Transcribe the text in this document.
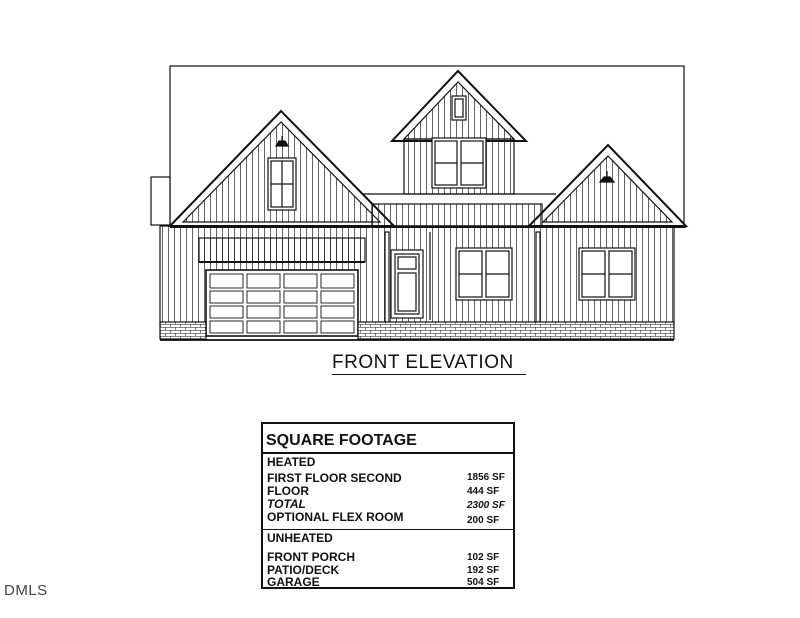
FRONT ELEVATION
SQUARE FOOTAGE
HEATED
FIRST FLOOR SECOND	1856 SF
FLOOR	444 SF
TOTAL	2300 SF
OPTIONAL FLEX ROOM	200 SF
UNHEATED
FRONT PORCH	102 SF
PATIO/DECK	192 SF
GARAGE	504 SF
DMLS
